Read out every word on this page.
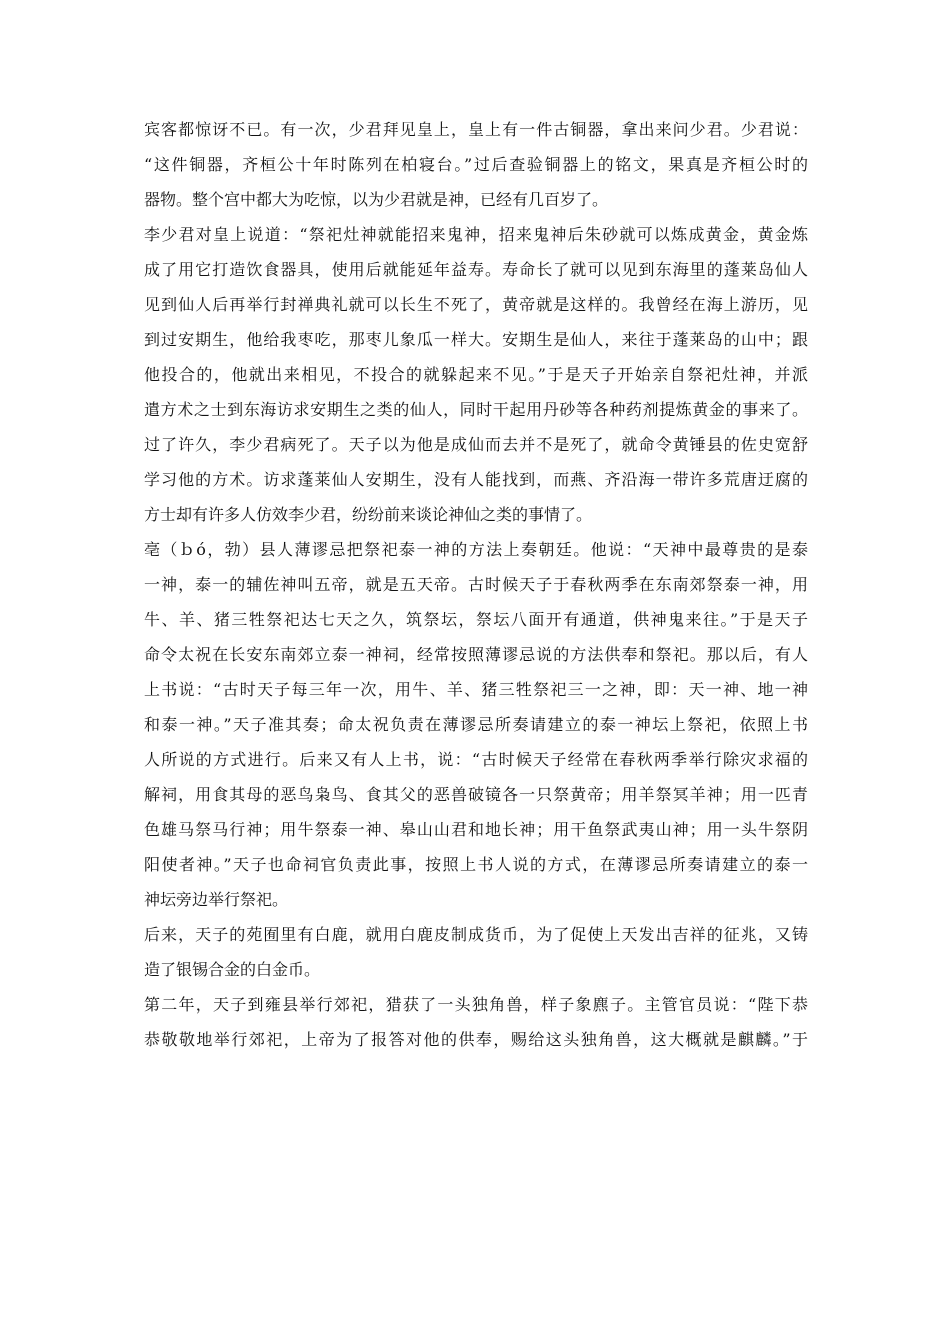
宾客都惊讶不已。有一次，少君拜见皇上，皇上有一件古铜器，拿出来问少君。少君说：
“这件铜器，齐桓公十年时陈列在柏寝台。”过后查验铜器上的铭文，果真是齐桓公时的
器物。整个宫中都大为吃惊，以为少君就是神，已经有几百岁了。

李少君对皇上说道：“祭祀灶神就能招来鬼神，招来鬼神后朱砂就可以炼成黄金，黄金炼
成了用它打造饮食器具，使用后就能延年益寿。寿命长了就可以见到东海里的蓬莱岛仙人
见到仙人后再举行封禅典礼就可以长生不死了，黄帝就是这样的。我曾经在海上游历，见
到过安期生，他给我枣吃，那枣儿象瓜一样大。安期生是仙人，来往于蓬莱岛的山中；跟
他投合的，他就出来相见，不投合的就躲起来不见。”于是天子开始亲自祭祀灶神，并派
遣方术之士到东海访求安期生之类的仙人，同时干起用丹砂等各种药剂提炼黄金的事来了。
过了许久，李少君病死了。天子以为他是成仙而去并不是死了，就命令黄锤县的佐史宽舒
学习他的方术。访求蓬莱仙人安期生，没有人能找到，而燕、齐沿海一带许多荒唐迂腐的
方士却有许多人仿效李少君，纷纷前来谈论神仙之类的事情了。

亳（ｂó，勃）县人薄谬忌把祭祀泰一神的方法上奏朝廷。他说：“天神中最尊贵的是泰
一神，泰一的辅佐神叫五帝，就是五天帝。古时候天子于春秋两季在东南郊祭泰一神，用
牛、羊、猪三牲祭祀达七天之久，筑祭坛，祭坛八面开有通道，供神鬼来往。”于是天子
命令太祝在长安东南郊立泰一神祠，经常按照薄谬忌说的方法供奉和祭祀。那以后，有人
上书说：“古时天子每三年一次，用牛、羊、猪三牲祭祀三一之神，即：天一神、地一神
和泰一神。”天子准其奏；命太祝负责在薄谬忌所奏请建立的泰一神坛上祭祀，依照上书
人所说的方式进行。后来又有人上书，说：“古时候天子经常在春秋两季举行除灾求福的
解祠，用食其母的恶鸟枭鸟、食其父的恶兽破镜各一只祭黄帝；用羊祭冥羊神；用一匹青
色雄马祭马行神；用牛祭泰一神、皋山山君和地长神；用干鱼祭武夷山神；用一头牛祭阴
阳使者神。”天子也命祠官负责此事，按照上书人说的方式，在薄谬忌所奏请建立的泰一
神坛旁边举行祭祀。

后来，天子的苑囿里有白鹿，就用白鹿皮制成货币，为了促使上天发出吉祥的征兆，又铸
造了银锡合金的白金币。

第二年，天子到雍县举行郊祀，猎获了一头独角兽，样子象麃子。主管官员说：“陛下恭
恭敬敬地举行郊祀，上帝为了报答对他的供奉，赐给这头独角兽，这大概就是麒麟。”于
